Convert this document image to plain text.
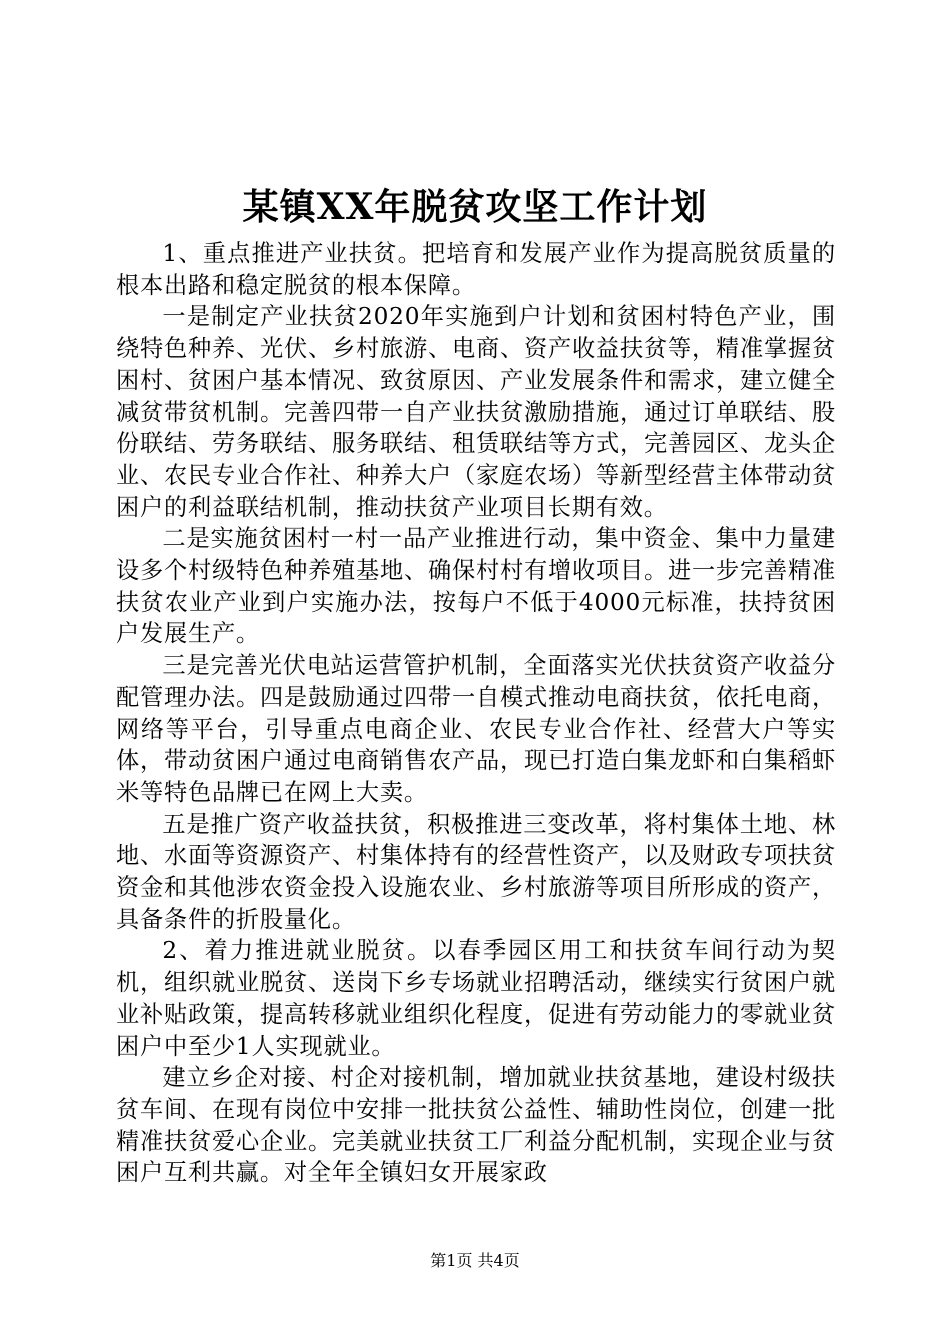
某镇XX年脱贫攻坚工作计划

1、重点推进产业扶贫。把培育和发展产业作为提高脱贫质量的根本出路和稳定脱贫的根本保障。

一是制定产业扶贫2020年实施到户计划和贫困村特色产业，围绕特色种养、光伏、乡村旅游、电商、资产收益扶贫等，精准掌握贫困村、贫困户基本情况、致贫原因、产业发展条件和需求，建立健全减贫带贫机制。完善四带一自产业扶贫激励措施，通过订单联结、股份联结、劳务联结、服务联结、租赁联结等方式，完善园区、龙头企业、农民专业合作社、种养大户（家庭农场）等新型经营主体带动贫困户的利益联结机制，推动扶贫产业项目长期有效。

二是实施贫困村一村一品产业推进行动，集中资金、集中力量建设多个村级特色种养殖基地、确保村村有增收项目。进一步完善精准扶贫农业产业到户实施办法，按每户不低于4000元标准，扶持贫困户发展生产。

三是完善光伏电站运营管护机制，全面落实光伏扶贫资产收益分配管理办法。四是鼓励通过四带一自模式推动电商扶贫，依托电商，网络等平台，引导重点电商企业、农民专业合作社、经营大户等实体，带动贫困户通过电商销售农产品，现已打造白集龙虾和白集稻虾米等特色品牌已在网上大卖。

五是推广资产收益扶贫，积极推进三变改革，将村集体土地、林地、水面等资源资产、村集体持有的经营性资产，以及财政专项扶贫资金和其他涉农资金投入设施农业、乡村旅游等项目所形成的资产，具备条件的折股量化。

2、着力推进就业脱贫。以春季园区用工和扶贫车间行动为契机，组织就业脱贫、送岗下乡专场就业招聘活动，继续实行贫困户就业补贴政策，提高转移就业组织化程度，促进有劳动能力的零就业贫困户中至少1人实现就业。

建立乡企对接、村企对接机制，增加就业扶贫基地，建设村级扶贫车间、在现有岗位中安排一批扶贫公益性、辅助性岗位，创建一批精准扶贫爱心企业。完美就业扶贫工厂利益分配机制，实现企业与贫困户互利共赢。对全年全镇妇女开展家政

第1页 共4页
